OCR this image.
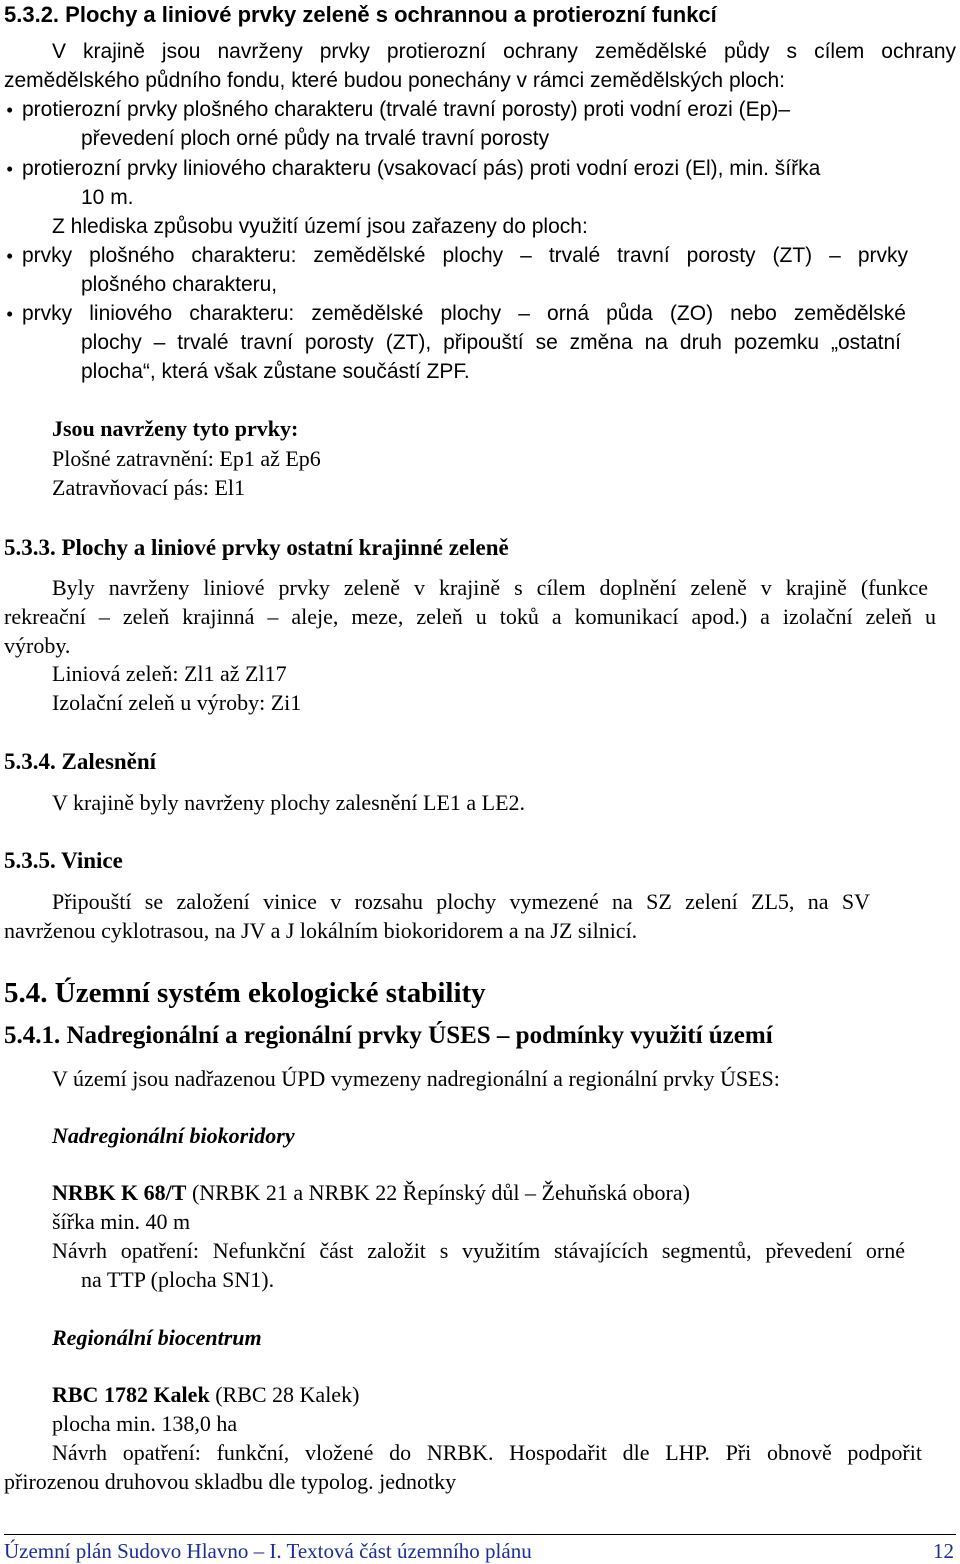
5.3.2. Plochy a liniové prvky zeleně s ochrannou a protierozní funkcí
V krajině jsou navrženy prvky protierozní ochrany zemědělské půdy s cílem ochrany
zemědělského půdního fondu, které budou ponechány v rámci zemědělských ploch:
• protierozní prvky plošného charakteru (trvalé travní porosty) proti vodní erozi (Ep)–
převedení ploch orné půdy na trvalé travní porosty
• protierozní prvky liniového charakteru (vsakovací pás) proti vodní erozi (El), min. šířka
10 m.
Z hlediska způsobu využití území jsou zařazeny do ploch:
• prvky plošného charakteru: zemědělské plochy – trvalé travní porosty (ZT) – prvky
plošného charakteru,
• prvky liniového charakteru: zemědělské plochy – orná půda (ZO) nebo zemědělské
plochy – trvalé travní porosty (ZT), připouští se změna na druh pozemku „ostatní
plocha“, která však zůstane součástí ZPF.
Jsou navrženy tyto prvky:
Plošné zatravnění: Ep1 až Ep6
Zatravňovací pás: El1
5.3.3. Plochy a liniové prvky ostatní krajinné zeleně
Byly navrženy liniové prvky zeleně v krajině s cílem doplnění zeleně v krajině (funkce
rekreační – zeleň krajinná – aleje, meze, zeleň u toků a komunikací apod.) a izolační zeleň u
výroby.
Liniová zeleň: Zl1 až Zl17
Izolační zeleň u výroby: Zi1
5.3.4. Zalesnění
V krajině byly navrženy plochy zalesnění LE1 a LE2.
5.3.5. Vinice
Připouští se založení vinice v rozsahu plochy vymezené na SZ zelení ZL5, na SV
navrženou cyklotrasou, na JV a J lokálním biokoridorem a na JZ silnicí.
5.4. Územní systém ekologické stability
5.4.1. Nadregionální a regionální prvky ÚSES – podmínky využití území
V území jsou nadřazenou ÚPD vymezeny nadregionální a regionální prvky ÚSES:
Nadregionální biokoridory
NRBK K 68/T (NRBK 21 a NRBK 22 Řepínský důl – Žehuňská obora)
šířka min. 40 m
Návrh opatření: Nefunkční část založit s využitím stávajících segmentů, převedení orné
na TTP (plocha SN1).
Regionální biocentrum
RBC 1782 Kalek (RBC 28 Kalek)
plocha min. 138,0 ha
Návrh opatření: funkční, vložené do NRBK. Hospodařit dle LHP. Při obnově podpořit
přirozenou druhovou skladbu dle typolog. jednotky
Územní plán Sudovo Hlavno – I. Textová část územního plánu	12
